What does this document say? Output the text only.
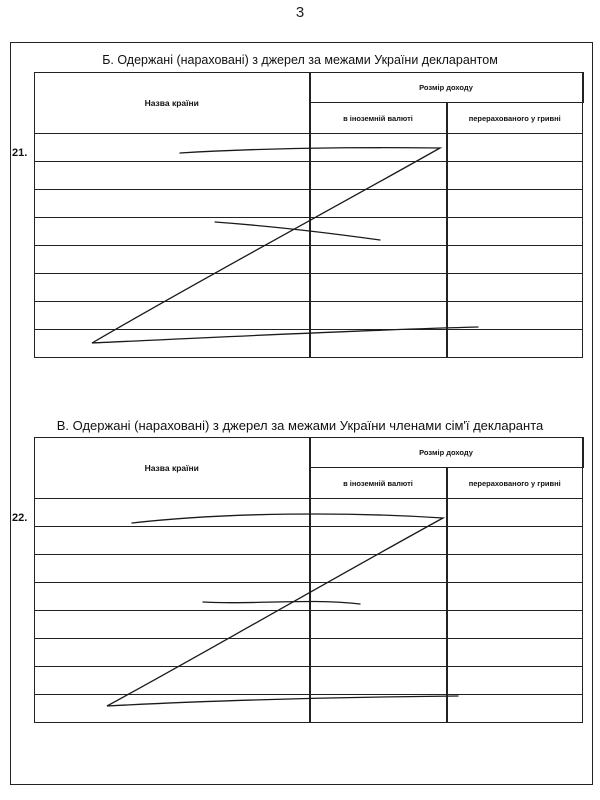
3
Б. Одержані (нараховані) з джерел за межами України декларантом
Назва країни	Розмір доходу	
	в іноземній валюті	перерахованого у гривні

21.
В. Одержані (нараховані) з джерел за межами України членами сім'ї декларанта
Назва країни	Розмір доходу	
	в іноземній валюті	перерахованого у гривні

22.
